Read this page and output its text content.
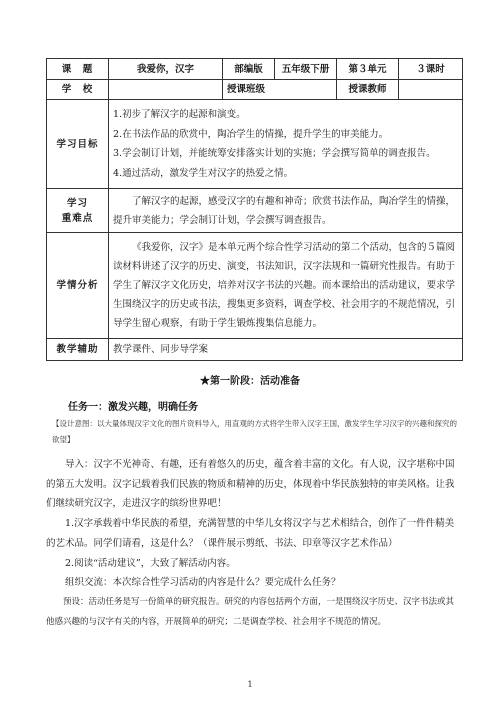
课　题	我爱你，汉字	部编版	五年级下册	第３单元	３课时
学　校		授课班级		授课教师	
学习目标	1.初步了解汉字的起源和演变。
2.在书法作品的欣赏中，陶冶学生的情操，提升学生的审美能力。
3.学会制订计划，并能统筹安排落实计划的实施；学会撰写简单的调查报告。
4.通过活动，激发学生对汉字的热爱之情。				

学习
重难点	了解汉字的起源，感受汉字的有趣和神奇；欣赏书法作品，陶冶学生的情操，提升审美能力；学会制订计划，学会撰写调查报告。				
学情分析	《我爱你，汉字》是本单元两个综合性学习活动的第二个活动，包含的５篇阅读材料讲述了汉字的历史、演变，书法知识，汉字法规和一篇研究性报告。有助于学生了解汉字文化历史，培养对汉字书法的兴趣。而本课给出的活动建议，要求学生围绕汉字的历史或书法，搜集更多资料，调查学校、社会用字的不规范情况，引导学生留心观察，有助于学生锻炼搜集信息能力。				
教学辅助	教学课件、同步导学案				
★第一阶段：活动准备
任务一：激发兴趣，明确任务
【设计意图：以大量体现汉字文化的图片资料导入，用直观的方式将学生带入汉字王国，激发学生学习汉字的兴趣和探究的欲望】

导入：汉字不光神奇、有趣，还有着悠久的历史，蕴含着丰富的文化。有人说，汉字堪称中国的第五大发明。汉字记载着我们民族的物质和精神的历史，体现着中华民族独特的审美风格。让我们继续研究汉字，走进汉字的缤纷世界吧！

1.汉字承载着中华民族的希望，充满智慧的中华儿女将汉字与艺术相结合，创作了一件件精美的艺术品。同学们请看，这是什么？（课件展示剪纸、书法、印章等汉字艺术作品）

2.阅读“活动建议”，大致了解活动内容。

组织交流：本次综合性学习活动的内容是什么？要完成什么任务？

预设：活动任务是写一份简单的研究报告。研究的内容包括两个方面，一是围绕汉字历史、汉字书法或其他感兴趣的与汉字有关的内容，开展简单的研究；二是调查学校、社会用字不规范的情况。

1
